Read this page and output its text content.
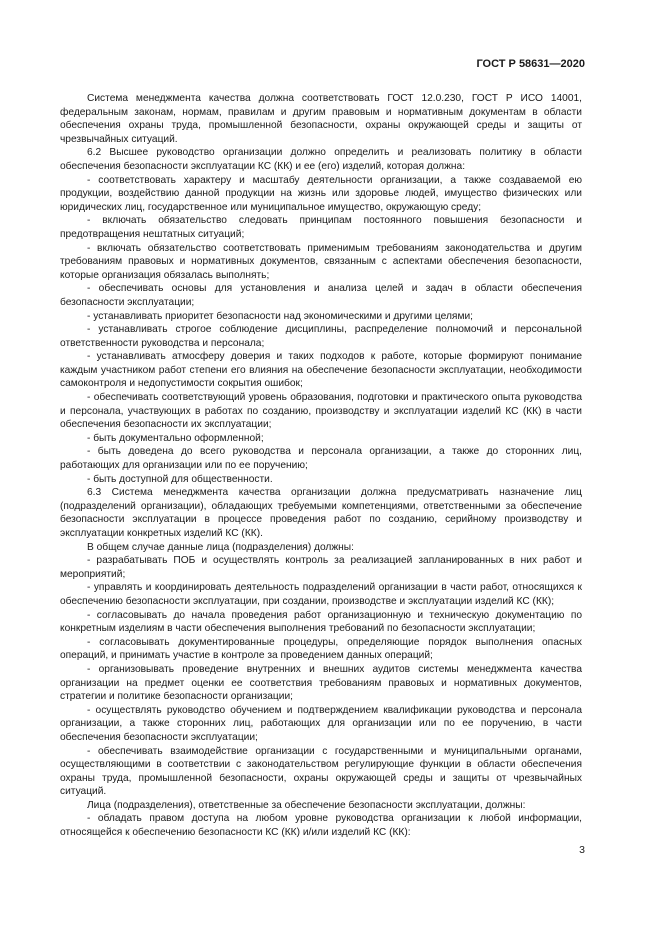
ГОСТ Р 58631—2020

Система менеджмента качества должна соответствовать ГОСТ 12.0.230, ГОСТ Р ИСО 14001, федеральным законам, нормам, правилам и другим правовым и нормативным документам в области обеспечения охраны труда, промышленной безопасности, охраны окружающей среды и защиты от чрезвычайных ситуаций.

6.2 Высшее руководство организации должно определить и реализовать политику в области обеспечения безопасности эксплуатации КС (КК) и ее (его) изделий, которая должна:

- соответствовать характеру и масштабу деятельности организации, а также создаваемой ею продукции, воздействию данной продукции на жизнь или здоровье людей, имущество физических или юридических лиц, государственное или муниципальное имущество, окружающую среду;

- включать обязательство следовать принципам постоянного повышения безопасности и предотвращения нештатных ситуаций;

- включать обязательство соответствовать применимым требованиям законодательства и другим требованиям правовых и нормативных документов, связанным с аспектами обеспечения безопасности, которые организация обязалась выполнять;

- обеспечивать основы для установления и анализа целей и задач в области обеспечения безопасности эксплуатации;

- устанавливать приоритет безопасности над экономическими и другими целями;

- устанавливать строгое соблюдение дисциплины, распределение полномочий и персональной ответственности руководства и персонала;

- устанавливать атмосферу доверия и таких подходов к работе, которые формируют понимание каждым участником работ степени его влияния на обеспечение безопасности эксплуатации, необходимости самоконтроля и недопустимости сокрытия ошибок;

- обеспечивать соответствующий уровень образования, подготовки и практического опыта руководства и персонала, участвующих в работах по созданию, производству и эксплуатации изделий КС (КК) в части обеспечения безопасности их эксплуатации;

- быть документально оформленной;

- быть доведена до всего руководства и персонала организации, а также до сторонних лиц, работающих для организации или по ее поручению;

- быть доступной для общественности.

6.3 Система менеджмента качества организации должна предусматривать назначение лиц (подразделений организации), обладающих требуемыми компетенциями, ответственными за обеспечение безопасности эксплуатации в процессе проведения работ по созданию, серийному производству и эксплуатации конкретных изделий КС (КК).

В общем случае данные лица (подразделения) должны:

- разрабатывать ПОБ и осуществлять контроль за реализацией запланированных в них работ и мероприятий;

- управлять и координировать деятельность подразделений организации в части работ, относящихся к обеспечению безопасности эксплуатации, при создании, производстве и эксплуатации изделий КС (КК);

- согласовывать до начала проведения работ организационную и техническую документацию по конкретным изделиям в части обеспечения выполнения требований по безопасности эксплуатации;

- согласовывать документированные процедуры, определяющие порядок выполнения опасных операций, и принимать участие в контроле за проведением данных операций;

- организовывать проведение внутренних и внешних аудитов системы менеджмента качества организации на предмет оценки ее соответствия требованиям правовых и нормативных документов, стратегии и политике безопасности организации;

- осуществлять руководство обучением и подтверждением квалификации руководства и персонала организации, а также сторонних лиц, работающих для организации или по ее поручению, в части обеспечения безопасности эксплуатации;

- обеспечивать взаимодействие организации с государственными и муниципальными органами, осуществляющими в соответствии с законодательством регулирующие функции в области обеспечения охраны труда, промышленной безопасности, охраны окружающей среды и защиты от чрезвычайных ситуаций.

Лица (подразделения), ответственные за обеспечение безопасности эксплуатации, должны:

- обладать правом доступа на любом уровне руководства организации к любой информации, относящейся к обеспечению безопасности КС (КК) и/или изделий КС (КК):

3
